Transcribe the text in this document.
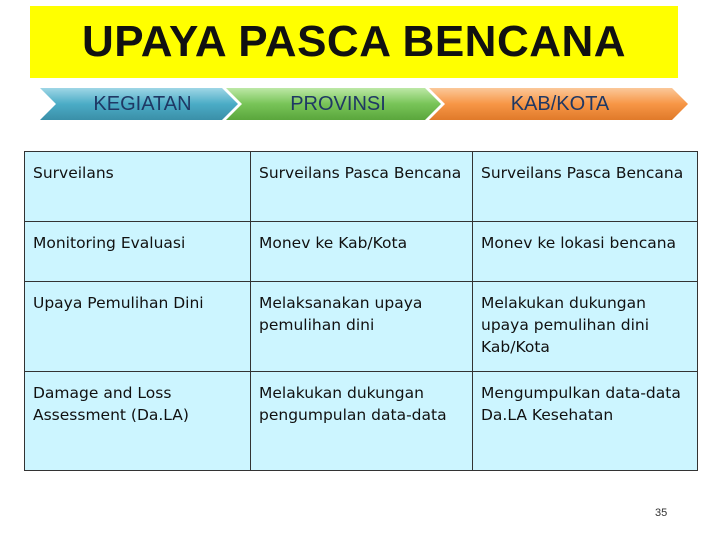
UPAYA PASCA BENCANA
KEGIATAN	PROVINSI	KAB/KOTA
Surveilans	Surveilans Pasca Bencana	Surveilans Pasca Bencana
Monitoring Evaluasi	Monev ke Kab/Kota	Monev ke lokasi bencana
Upaya Pemulihan Dini	Melaksanakan upaya pemulihan dini	Melakukan dukungan upaya pemulihan dini Kab/Kota
Damage and Loss Assessment (Da.LA)	Melakukan dukungan pengumpulan data-data	Mengumpulkan data-data Da.LA Kesehatan
35
